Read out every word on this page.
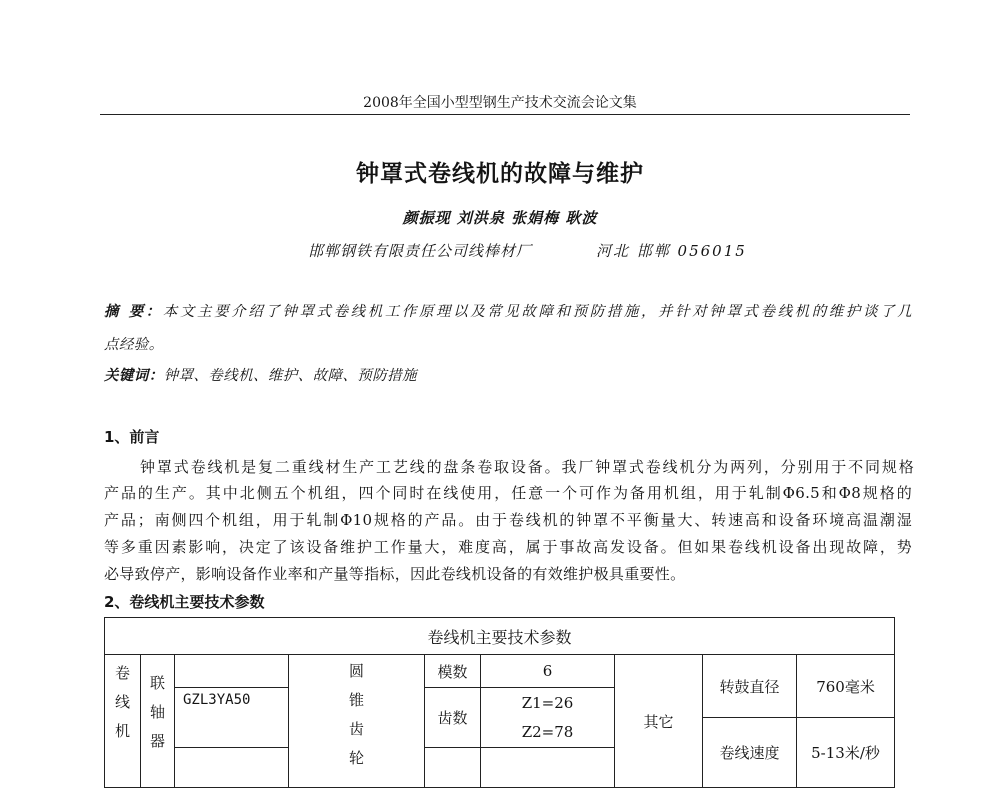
2008年全国小型型钢生产技术交流会论文集
钟罩式卷线机的故障与维护
颜振现 刘洪泉 张娟梅 耿波
邯郸钢铁有限责任公司线棒材厂	河北 邯郸 056015
摘 要：本文主要介绍了钟罩式卷线机工作原理以及常见故障和预防措施，并针对钟罩式卷线机的维护谈了几
点经验。
关键词：钟罩、卷线机、维护、故障、预防措施
1、前言
钟罩式卷线机是复二重线材生产工艺线的盘条卷取设备。我厂钟罩式卷线机分为两列，分别用于不同规格
产品的生产。其中北侧五个机组，四个同时在线使用，任意一个可作为备用机组，用于轧制Φ6.5和Φ8规格的
产品；南侧四个机组，用于轧制Φ10规格的产品。由于卷线机的钟罩不平衡量大、转速高和设备环境高温潮湿
等多重因素影响，决定了该设备维护工作量大，难度高，属于事故高发设备。但如果卷线机设备出现故障，势
必导致停产，影响设备作业率和产量等指标，因此卷线机设备的有效维护极具重要性。
2、卷线机主要技术参数
卷线机主要技术参数								
卷线机	联轴器		圆锥齿轮	模数	6	其它	转鼓直径	760毫米
		GZL3YA50		齿数	Z1=26			
					Z2=78		卷线速度	5-13米/秒
